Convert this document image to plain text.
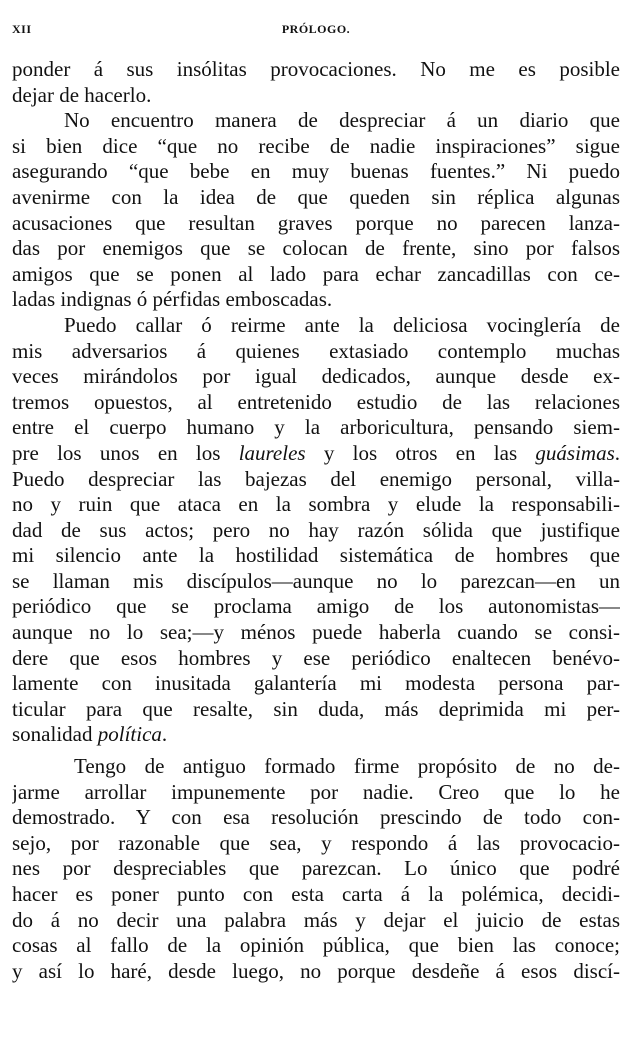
XII	PRÓLOGO.
ponder á sus insólitas provocaciones. No me es posible
dejar de hacerlo.
No encuentro manera de despreciar á un diario que
si bien dice “que no recibe de nadie inspiraciones” sigue
asegurando “que bebe en muy buenas fuentes.” Ni puedo
avenirme con la idea de que queden sin réplica algunas
acusaciones que resultan graves porque no parecen lanza-
das por enemigos que se colocan de frente, sino por falsos
amigos que se ponen al lado para echar zancadillas con ce-
ladas indignas ó pérfidas emboscadas.
Puedo callar ó reirme ante la deliciosa vocinglería de
mis adversarios á quienes extasiado contemplo muchas
veces mirándolos por igual dedicados, aunque desde ex-
tremos opuestos, al entretenido estudio de las relaciones
entre el cuerpo humano y la arboricultura, pensando siem-
pre los unos en los laureles y los otros en las guásimas.
Puedo despreciar las bajezas del enemigo personal, villa-
no y ruin que ataca en la sombra y elude la responsabili-
dad de sus actos; pero no hay razón sólida que justifique
mi silencio ante la hostilidad sistemática de hombres que
se llaman mis discípulos—aunque no lo parezcan—en un
periódico que se proclama amigo de los autonomistas—
aunque no lo sea;—y ménos puede haberla cuando se consi-
dere que esos hombres y ese periódico enaltecen benévo-
lamente con inusitada galantería mi modesta persona par-
ticular para que resalte, sin duda, más deprimida mi per-
sonalidad política.
Tengo de antiguo formado firme propósito de no de-
jarme arrollar impunemente por nadie. Creo que lo he
demostrado. Y con esa resolución prescindo de todo con-
sejo, por razonable que sea, y respondo á las provocacio-
nes por despreciables que parezcan. Lo único que podré
hacer es poner punto con esta carta á la polémica, decidi-
do á no decir una palabra más y dejar el juicio de estas
cosas al fallo de la opinión pública, que bien las conoce;
y así lo haré, desde luego, no porque desdeñe á esos discí-
